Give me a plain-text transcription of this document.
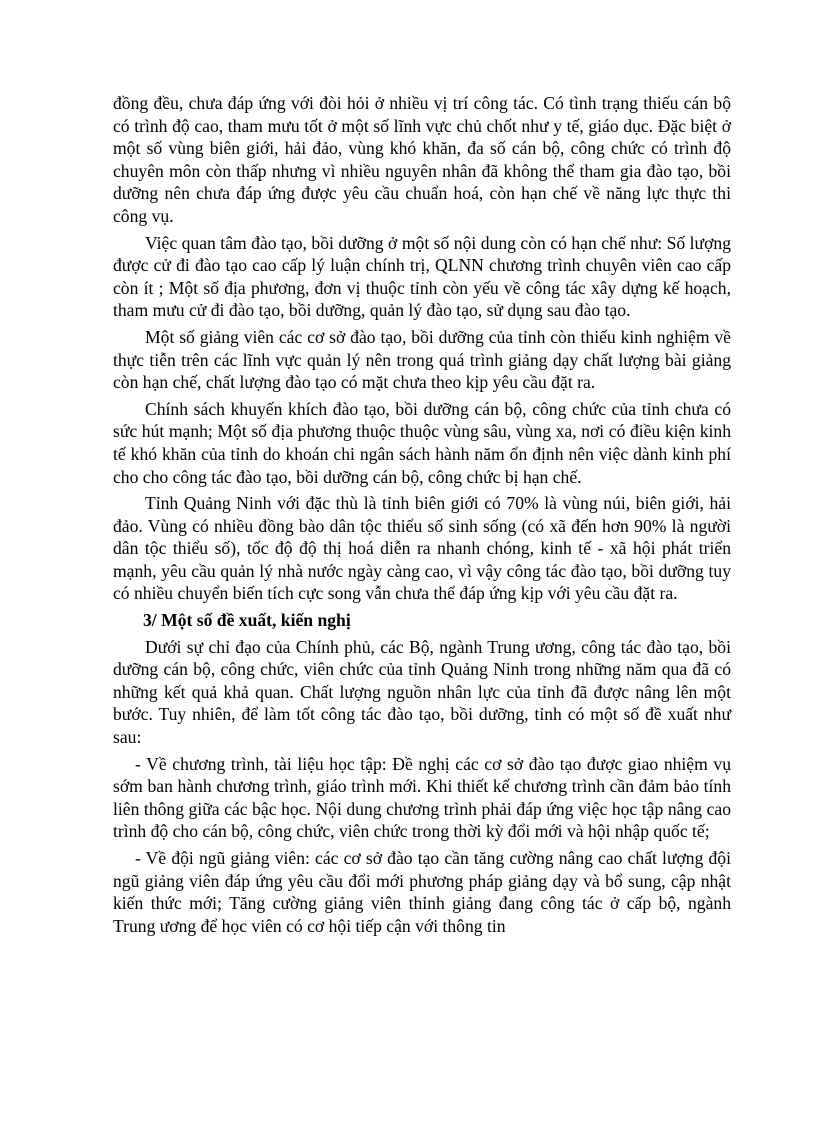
đồng đều, chưa đáp ứng với đòi hỏi ở nhiều vị trí công tác. Có tình trạng thiếu cán bộ có trình độ cao, tham mưu tốt ở một số lĩnh vực chủ chốt như y tế, giáo dục. Đặc biệt ở một số vùng biên giới, hải đảo, vùng khó khăn, đa số cán bộ, công chức có trình độ chuyên môn còn thấp nhưng vì nhiều nguyên nhân đã không thể tham gia đào tạo, bồi dưỡng nên chưa đáp ứng được yêu cầu chuẩn hoá, còn hạn chế về năng lực thực thi công vụ.

Việc quan tâm đào tạo, bồi dưỡng ở một số nội dung còn có hạn chế như: Số lượng được cử đi đào tạo cao cấp lý luận chính trị, QLNN chương trình chuyên viên cao cấp còn ít ; Một số địa phương, đơn vị thuộc tỉnh còn yếu về công tác xây dựng kế hoạch, tham mưu cử đi đào tạo, bồi dưỡng, quản lý đào tạo, sử dụng sau đào tạo.

Một số giảng viên các cơ sở đào tạo, bồi dưỡng của tỉnh còn thiếu kinh nghiệm về thực tiễn trên các lĩnh vực quản lý nên trong quá trình giảng dạy chất lượng bài giảng còn hạn chế, chất lượng đào tạo có mặt chưa theo kịp yêu cầu đặt ra.

Chính sách khuyến khích đào tạo, bồi dưỡng cán bộ, công chức của tỉnh chưa có sức hút mạnh; Một số địa phương thuộc thuộc vùng sâu, vùng xa, nơi có điều kiện kinh tế khó khăn của tỉnh do khoán chi ngân sách hành năm ổn định nên việc dành kinh phí cho cho công tác đào tạo, bồi dưỡng cán bộ, công chức bị hạn chế.

Tỉnh Quảng Ninh với đặc thù là tỉnh biên giới có 70% là vùng núi, biên giới, hải đảo. Vùng có nhiều đồng bào dân tộc thiểu số sinh sống (có xã đến hơn 90% là người dân tộc thiểu số), tốc độ độ thị hoá diễn ra nhanh chóng, kinh tế - xã hội phát triển mạnh, yêu cầu quản lý nhà nước ngày càng cao, vì vậy công tác đào tạo, bồi dưỡng tuy có nhiều chuyển biến tích cực song vẫn chưa thể đáp ứng kịp với yêu cầu đặt ra.

3/ Một số đề xuất, kiến nghị

Dưới sự chỉ đạo của Chính phủ, các Bộ, ngành Trung ương, công tác đào tạo, bồi dưỡng cán bộ, công chức, viên chức của tỉnh Quảng Ninh trong những năm qua đã có những kết quả khả quan. Chất lượng nguồn nhân lực của tỉnh đã được nâng lên một bước. Tuy nhiên, để làm tốt công tác đào tạo, bồi dưỡng, tỉnh có một số đề xuất như sau:

- Về chương trình, tài liệu học tập: Đề nghị các cơ sở đào tạo được giao nhiệm vụ sớm ban hành chương trình, giáo trình mới. Khi thiết kế chương trình cần đảm bảo tính liên thông giữa các bậc học. Nội dung chương trình phải đáp ứng việc học tập nâng cao trình độ cho cán bộ, công chức, viên chức trong thời kỳ đổi mới và hội nhập quốc tế;

- Về đội ngũ giảng viên: các cơ sở đào tạo cần tăng cường nâng cao chất lượng đội ngũ giảng viên đáp ứng yêu cầu đổi mới phương pháp giảng dạy và bổ sung, cập nhật kiến thức mới; Tăng cường giảng viên thỉnh giảng đang công tác ở cấp bộ, ngành Trung ương để học viên có cơ hội tiếp cận với thông tin
